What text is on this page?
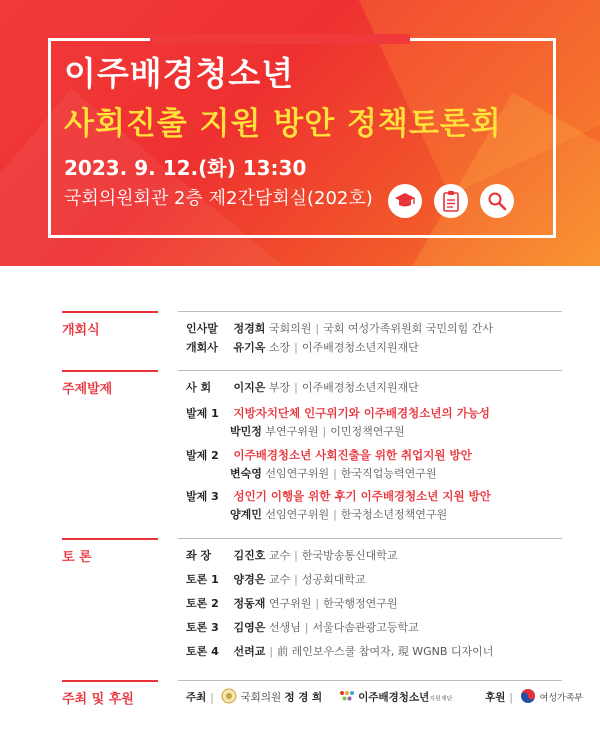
이주배경청소년
사회진출 지원 방안 정책토론회
2023. 9. 12.(화) 13:30
국회의원회관 2층 제2간담회실(202호)
개회식	인사말 정경희 국회의원 | 국회 여성가족위원회 국민의힘 간사
개회사 유기옥 소장 | 이주배경청소년지원재단
주제발제	사 회 이지은 부장 | 이주배경청소년지원재단
발제 1 지방자치단체 인구위기와 이주배경청소년의 가능성
박민정 부연구위원 | 이민정책연구원
발제 2 이주배경청소년 사회진출을 위한 취업지원 방안
변숙영 선임연구위원 | 한국직업능력연구원
발제 3 성인기 이행을 위한 후기 이주배경청소년 지원 방안
양계민 선임연구위원 | 한국청소년정책연구원
토 론	좌 장 김진호 교수 | 한국방송통신대학교
토론 1 양경은 교수 | 성공회대학교
토론 2 정동재 연구위원 | 한국행정연구원
토론 3 김영은 선생님 | 서울다솜관광고등학교
토론 4 선려교 | 前 레인보우스쿨 참여자, 現 WGNB 디자이너
주최 및 후원	주최 |	국회의원 정 경 희	이주배경청소년지원재단	후원 |	여성가족부
